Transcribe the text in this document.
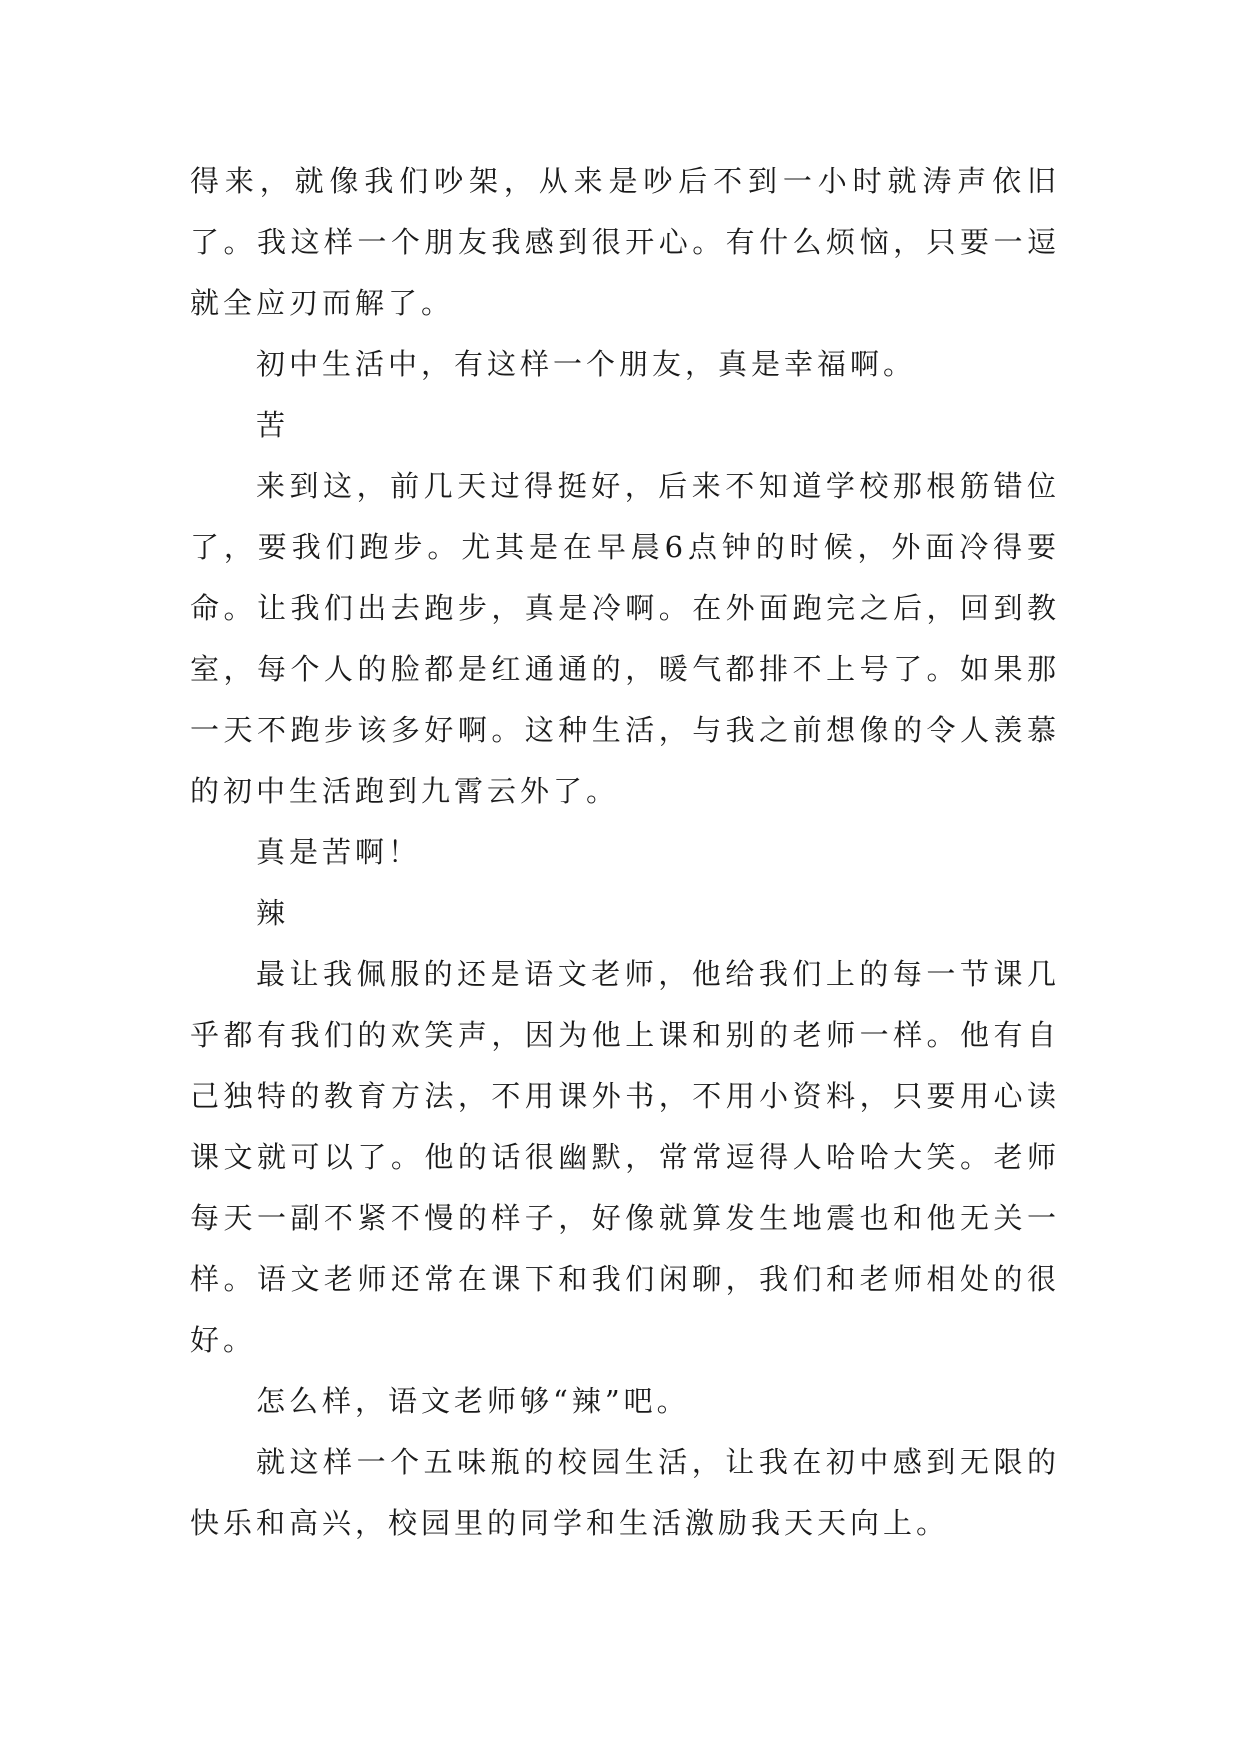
得来，就像我们吵架，从来是吵后不到一小时就涛声依旧了。我这样一个朋友我感到很开心。有什么烦恼，只要一逗就全应刃而解了。

初中生活中，有这样一个朋友，真是幸福啊。

苦

来到这，前几天过得挺好，后来不知道学校那根筋错位了，要我们跑步。尤其是在早晨6点钟的时候，外面冷得要命。让我们出去跑步，真是冷啊。在外面跑完之后，回到教室，每个人的脸都是红通通的，暖气都排不上号了。如果那一天不跑步该多好啊。这种生活，与我之前想像的令人羡慕的初中生活跑到九霄云外了。

真是苦啊！

辣

最让我佩服的还是语文老师，他给我们上的每一节课几乎都有我们的欢笑声，因为他上课和别的老师一样。他有自己独特的教育方法，不用课外书，不用小资料，只要用心读课文就可以了。他的话很幽默，常常逗得人哈哈大笑。老师每天一副不紧不慢的样子，好像就算发生地震也和他无关一样。语文老师还常在课下和我们闲聊，我们和老师相处的很好。

怎么样，语文老师够“辣”吧。

就这样一个五味瓶的校园生活，让我在初中感到无限的快乐和高兴，校园里的同学和生活激励我天天向上。
